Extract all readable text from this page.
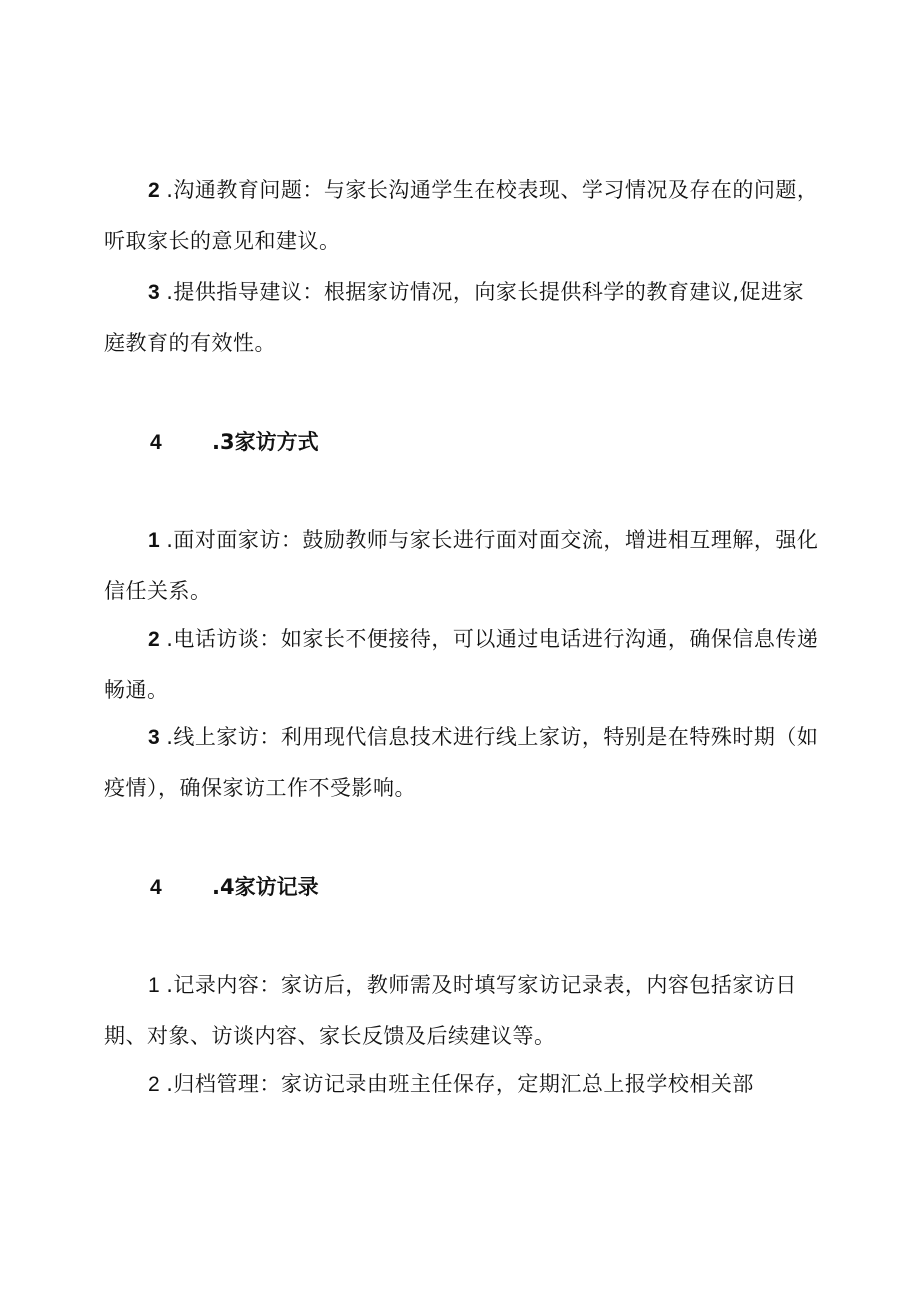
2 .沟通教育问题：与家长沟通学生在校表现、学习情况及存在的问题，听取家长的意见和建议。

3 .提供指导建议：根据家访情况，向家长提供科学的教育建议,促进家庭教育的有效性。

4 .3家访方式

1 .面对面家访：鼓励教师与家长进行面对面交流，增进相互理解，强化信任关系。

2 .电话访谈：如家长不便接待，可以通过电话进行沟通，确保信息传递畅通。

3 .线上家访：利用现代信息技术进行线上家访，特别是在特殊时期（如疫情），确保家访工作不受影响。

4 .4家访记录

1 .记录内容：家访后，教师需及时填写家访记录表，内容包括家访日期、对象、访谈内容、家长反馈及后续建议等。

2 .归档管理：家访记录由班主任保存，定期汇总上报学校相关部
